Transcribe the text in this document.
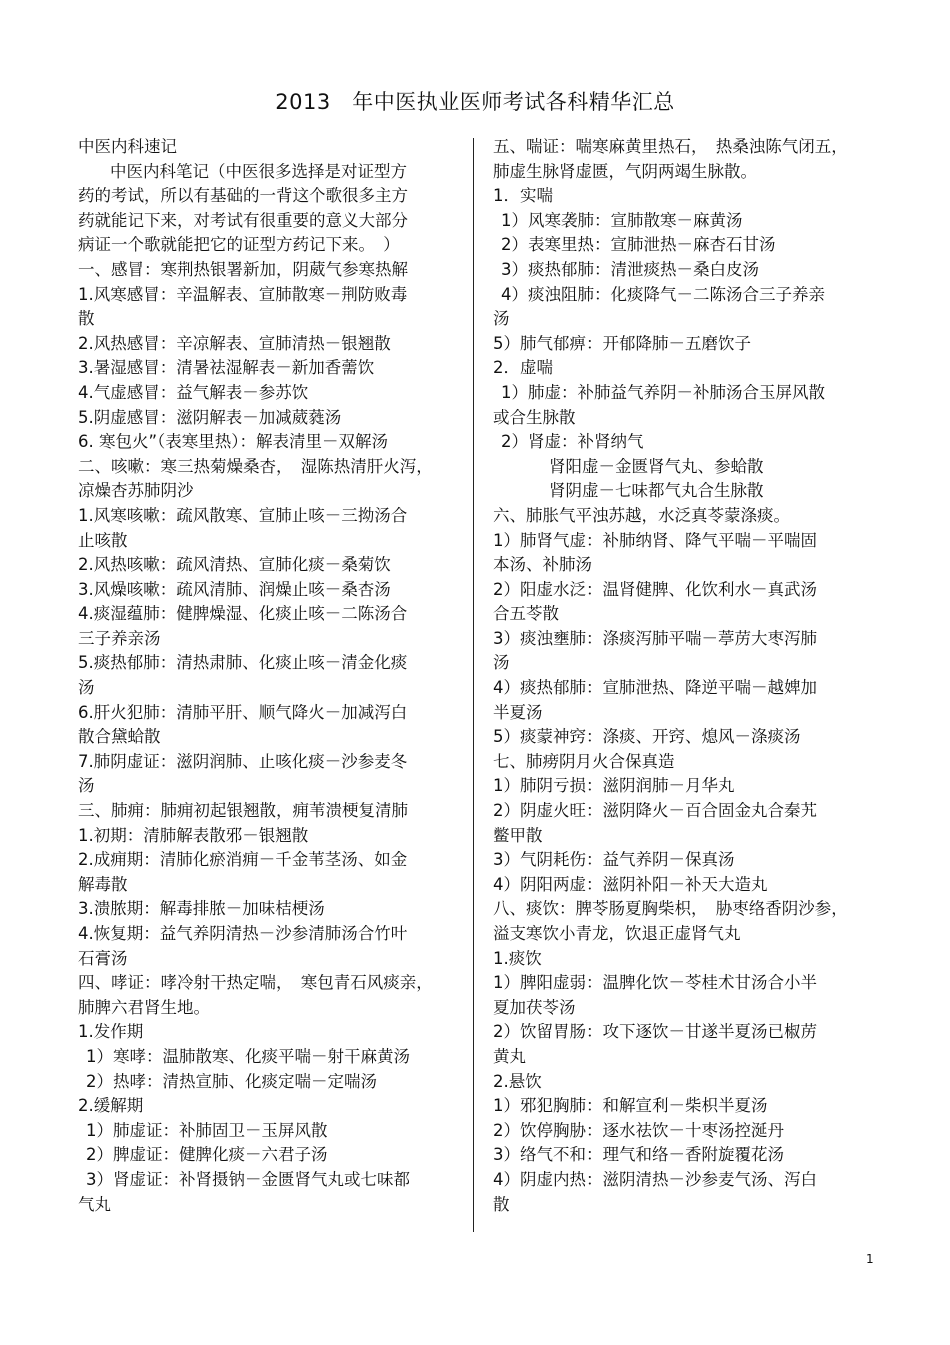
2013　年中医执业医师考试各科精华汇总
中医内科速记
中医内科笔记（中医很多选择是对证型方
药的考试，所以有基础的一背这个歌很多主方
药就能记下来，对考试有很重要的意义大部分
病证一个歌就能把它的证型方药记下来。　）
一、感冒：寒荆热银署新加，阴葳气参寒热解
1.风寒感冒：辛温解表、宣肺散寒－荆防败毒
散
2.风热感冒：辛凉解表、宣肺清热－银翘散
3.暑湿感冒：清暑祛湿解表－新加香薷饮
4.气虚感冒：益气解表－参苏饮
5.阴虚感冒：滋阴解表－加减葳蕤汤
6. 寒包火”（表寒里热）：解表清里－双解汤
二、咳嗽：寒三热菊燥桑杏，　湿陈热清肝火泻，
凉燥杏苏肺阴沙
1.风寒咳嗽：疏风散寒、宣肺止咳－三拗汤合
止咳散
2.风热咳嗽：疏风清热、宣肺化痰－桑菊饮
3.风燥咳嗽：疏风清肺、润燥止咳－桑杏汤
4.痰湿蕴肺：健脾燥湿、化痰止咳－二陈汤合
三子养亲汤
5.痰热郁肺：清热肃肺、化痰止咳－清金化痰
汤
6.肝火犯肺：清肺平肝、顺气降火－加减泻白
散合黛蛤散
7.肺阴虚证：滋阴润肺、止咳化痰－沙参麦冬
汤
三、肺痈：肺痈初起银翘散，痈苇溃梗复清肺
1.初期：清肺解表散邪－银翘散
2.成痈期：清肺化瘀消痈－千金苇茎汤、如金
解毒散
3.溃脓期：解毒排脓－加味桔梗汤
4.恢复期：益气养阴清热－沙参清肺汤合竹叶
石膏汤
四、哮证：哮冷射干热定喘，　寒包青石风痰亲，
肺脾六君肾生地。
1.发作期
1）寒哮：温肺散寒、化痰平喘－射干麻黄汤
2）热哮：清热宣肺、化痰定喘－定喘汤
2.缓解期
1）肺虚证：补肺固卫－玉屏风散
2）脾虚证：健脾化痰－六君子汤
3）肾虚证：补肾摄钠－金匮肾气丸或七味都
气丸
五、喘证：喘寒麻黄里热石，　热桑浊陈气闭五，
肺虚生脉肾虚匮，气阴两竭生脉散。
1．实喘
1）风寒袭肺：宣肺散寒－麻黄汤
2）表寒里热：宣肺泄热－麻杏石甘汤
3）痰热郁肺：清泄痰热－桑白皮汤
4）痰浊阻肺：化痰降气－二陈汤合三子养亲
汤
5）肺气郁痹：开郁降肺－五磨饮子
2．虚喘
1）肺虚：补肺益气养阴－补肺汤合玉屏风散
或合生脉散
2）肾虚：补肾纳气
肾阳虚－金匮肾气丸、参蛤散
肾阴虚－七味都气丸合生脉散
六、肺胀气平浊苏越，水泛真苓蒙涤痰。
1）肺肾气虚：补肺纳肾、降气平喘－平喘固
本汤、补肺汤
2）阳虚水泛：温肾健脾、化饮利水－真武汤
合五苓散
3）痰浊壅肺：涤痰泻肺平喘－葶苈大枣泻肺
汤
4）痰热郁肺：宣肺泄热、降逆平喘－越婢加
半夏汤
5）痰蒙神窍：涤痰、开窍、熄风－涤痰汤
七、肺痨阴月火合保真造
1）肺阴亏损：滋阴润肺－月华丸
2）阴虚火旺：滋阴降火－百合固金丸合秦艽
鳖甲散
3）气阴耗伤：益气养阴－保真汤
4）阴阳两虚：滋阴补阳－补天大造丸
八、痰饮：脾苓肠夏胸柴枳，　胁枣络香阴沙参，
溢支寒饮小青龙，饮退正虚肾气丸
1.痰饮
1）脾阳虚弱：温脾化饮－苓桂术甘汤合小半
夏加茯苓汤
2）饮留胃肠：攻下逐饮－甘遂半夏汤已椒苈
黄丸
2.悬饮
1）邪犯胸肺：和解宣利－柴枳半夏汤
2）饮停胸胁：逐水祛饮－十枣汤控涎丹
3）络气不和：理气和络－香附旋覆花汤
4）阴虚内热：滋阴清热－沙参麦气汤、泻白
散
1
